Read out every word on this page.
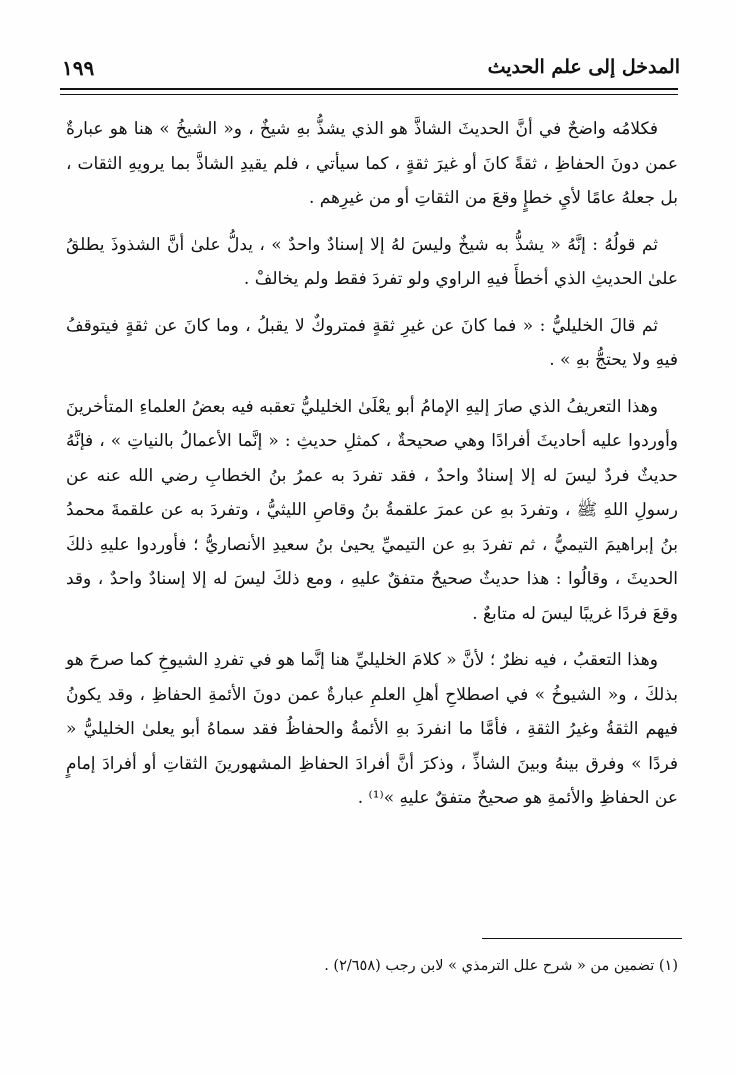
المدخل إلى علم الحديث
١٩٩

فكلامُه واضحٌ في أنَّ الحديثَ الشاذَّ هو الذي يشذُّ بهِ شيخٌ ، و« الشيخُ » هنا هو عبارةٌ عمن دونَ الحفاظِ ، ثقةً كانَ أو غيرَ ثقةٍ ، كما سيأتي ، فلم يقيدِ الشاذَّ بما يرويهِ الثقات ، بل جعلهُ عامًا لأيِ خطإٍ وقعَ من الثقاتِ أو من غيرِهم .

ثم قولُهُ : إنَّهُ « يشذُّ به شيخٌ وليسَ لهُ إلا إسنادٌ واحدٌ » ، يدلُّ علىٰ أنَّ الشذوذَ يطلقُ علىٰ الحديثِ الذي أخطأَ فيهِ الراوي ولو تفردَ فقط ولم يخالفْ .

ثم قالَ الخليليُّ : « فما كانَ عن غيرِ ثقةٍ فمتروكٌ لا يقبلُ ، وما كانَ عن ثقةٍ فيتوقفُ فيهِ ولا يحتجُّ بهِ » .

وهذا التعريفُ الذي صارَ إليهِ الإمامُ أبو يعْلَىٰ الخليليُّ تعقبه فيه بعضُ العلماءِ المتأخرينَ وأوردوا عليه أحاديثَ أفرادًا وهي صحيحةٌ ، كمثلِ حديثِ : « إنَّما الأعمالُ بالنياتِ » ، فإنَّهُ حديثٌ فردٌ ليسَ له إلا إسنادٌ واحدٌ ، فقد تفردَ به عمرُ بنُ الخطابِ رضي الله عنه عن رسولِ اللهِ ﷺ ، وتفردَ بهِ عن عمرَ علقمةُ بنُ وقاصِ الليثيُّ ، وتفردَ به عن علقمةَ محمدُ بنُ إبراهيمَ التيميُّ ، ثم تفردَ بهِ عن التيميِّ يحيىٰ بنُ سعيدِ الأنصاريُّ ؛ فأوردوا عليهِ ذلكَ الحديثَ ، وقالُوا : هذا حديثٌ صحيحٌ متفقٌ عليهِ ، ومع ذلكَ ليسَ له إلا إسنادٌ واحدٌ ، وقد وقعَ فردًا غريبًا ليسَ له متابعٌ .

وهذا التعقبُ ، فيه نظرٌ ؛ لأنَّ « كلامَ الخليليِّ هنا إنَّما هو في تفردِ الشيوخِ كما صرحَ هو بذلكَ ، و« الشيوخُ » في اصطلاحِ أهلِ العلمِ عبارةٌ عمن دونَ الأئمةِ الحفاظِ ، وقد يكونُ فيهم الثقةُ وغيرُ الثقةِ ، فأمَّا ما انفردَ بهِ الأئمةُ والحفاظُ فقد سماهُ أبو يعلىٰ الخليليُّ « فردًا » وفرق بينهُ وبينَ الشاذِّ ، وذكرَ أنَّ أفرادَ الحفاظِ المشهورينَ الثقاتِ أو أفرادَ إمامٍ عن الحفاظِ والأئمةِ هو صحيحٌ متفقٌ عليهِ »⁽¹⁾ .

(١) تضمين من « شرح علل الترمذي » لابن رجب (٢/٦٥٨) .
